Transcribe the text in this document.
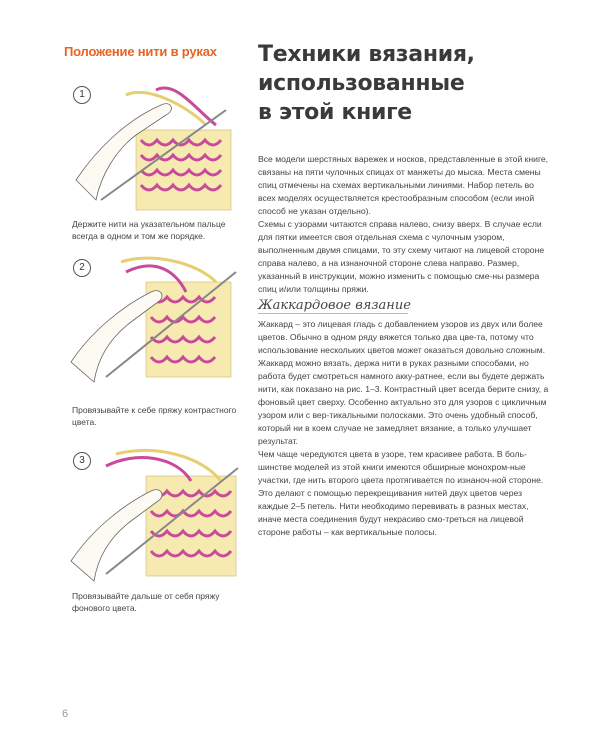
Положение нити в руках
1
Держите нити на указательном пальце всегда в одном и том же порядке.
2
Провязывайте к себе пряжу контрастного цвета.
3
Провязывайте дальше от себя пряжу фонового цвета.
Техники вязания,
использованные
в этой книге

Все модели шерстяных варежек и носков, представленные в этой книге, связаны на пяти чулочных спицах от манжеты до мыска. Места смены спиц отмечены на схемах вертикальными линиями. Набор петель во всех моделях осуществляется крестообразным способом (если иной способ не указан отдельно).

Схемы с узорами читаются справа налево, снизу вверх. В случае если для пятки имеется своя отдельная схема с чулочным узором, выполненным двумя спицами, то эту схему читают на лицевой стороне справа налево, а на изнаночной стороне слева направо. Размер, указанный в инструкции, можно изменить с помощью сме-ны размера спиц и/или толщины пряжи.

Жаккардовое вязание

Жаккард – это лицевая гладь с добавлением узоров из двух или более цветов. Обычно в одном ряду вяжется только два цве-та, потому что использование нескольких цветов может оказаться довольно сложным. Жаккард можно вязать, держа нити в руках разными способами, но работа будет смотреться намного акку-ратнее, если вы будете держать нити, как показано на рис. 1–3. Контрастный цвет всегда берите снизу, а фоновый цвет сверху. Особенно актуально это для узоров с цикличным узором или с вер-тикальными полосками. Это очень удобный способ, который ни в коем случае не замедляет вязание, а только улучшает результат.

Чем чаще чередуются цвета в узоре, тем красивее работа. В боль-шинстве моделей из этой книги имеются обширные монохром-ные участки, где нить второго цвета протягивается по изнаноч-ной стороне. Это делают с помощью перекрещивания нитей двух цветов через каждые 2–5 петель. Нити необходимо перевивать в разных местах, иначе места соединения будут некрасиво смо-треться на лицевой стороне работы – как вертикальные полосы.

6
